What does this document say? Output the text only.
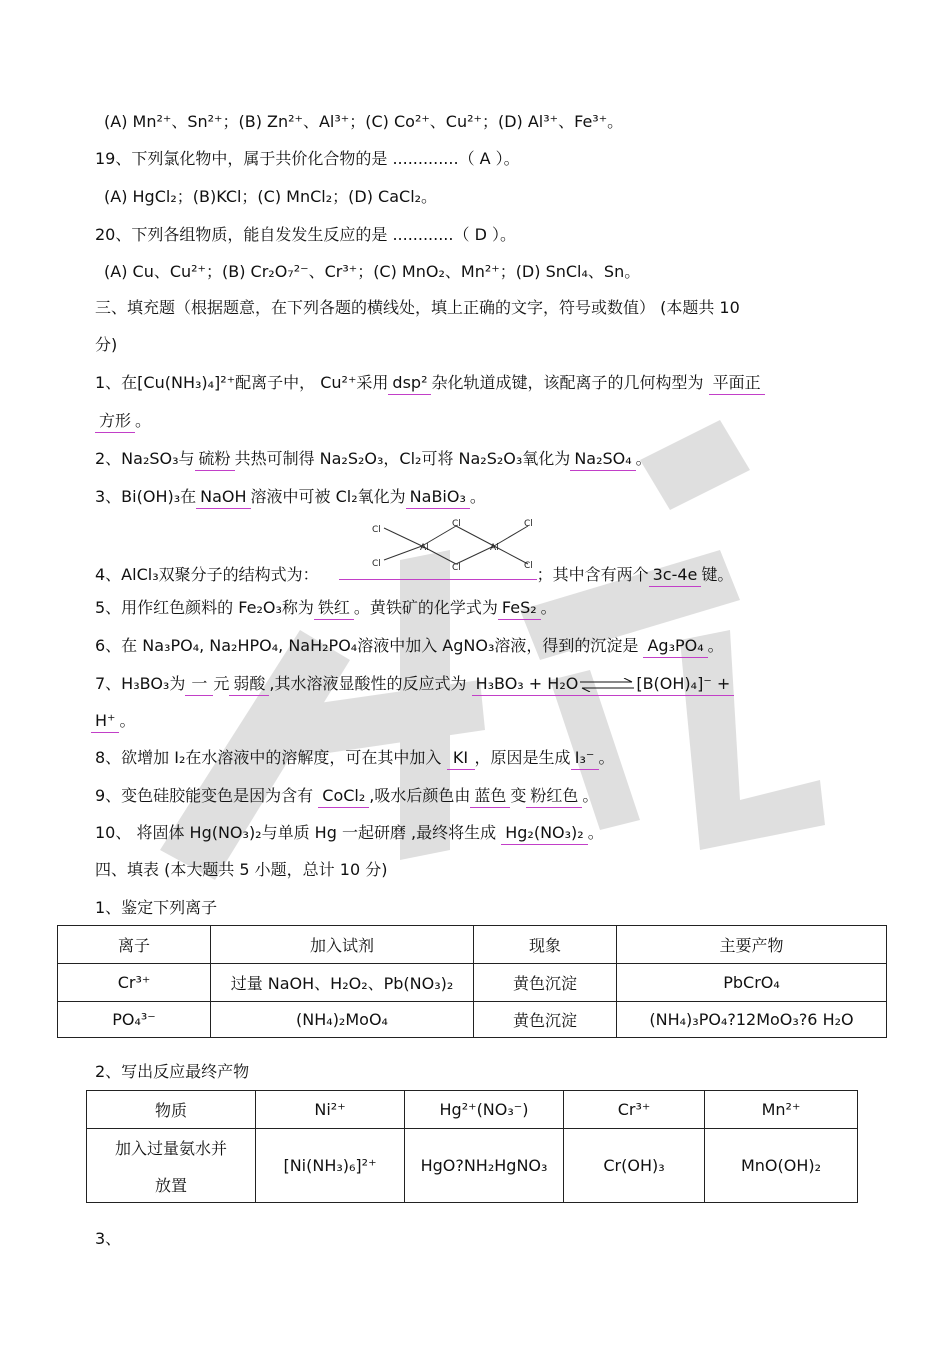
(A) Mn²⁺、Sn²⁺；(B) Zn²⁺、Al³⁺；(C) Co²⁺、Cu²⁺；(D) Al³⁺、Fe³⁺。
19、下列氯化物中，属于共价化合物的是 .............（ A ）。
(A) HgCl₂；(B)KCl；(C) MnCl₂；(D) CaCl₂。
20、下列各组物质，能自发发生反应的是 ............（ D ）。
(A) Cu、Cu²⁺；(B) Cr₂O₇²⁻、Cr³⁺；(C) MnO₂、Mn²⁺；(D) SnCl₄、Sn。
三、填充题（根据题意，在下列各题的横线处，填上正确的文字，符号或数值） (本题共 10
分)
1、在[Cu(NH₃)₄]²⁺配离子中， Cu²⁺采用 dsp² 杂化轨道成键，该配离子的几何构型为 平面正
方形 。
2、Na₂SO₃与 硫粉 共热可制得 Na₂S₂O₃，Cl₂可将 Na₂S₂O₃氧化为 Na₂SO₄ 。
3、Bi(OH)₃在 NaOH 溶液中可被 Cl₂氧化为 NaBiO₃ 。
Cl
Cl
Cl
Al	Al
Cl
Cl
Cl
4、AlCl₃双聚分子的结构式为：	；其中含有两个 3c-4e 键。
5、用作红色颜料的 Fe₂O₃称为 铁红 。黄铁矿的化学式为 FeS₂ 。
6、在 Na₃PO₄, Na₂HPO₄, NaH₂PO₄溶液中加入 AgNO₃溶液，得到的沉淀是 Ag₃PO₄ 。
7、H₃BO₃为 一 元 弱酸 ,其水溶液显酸性的反应式为 H₃BO₃ + H₂O⇌[B(OH)₄]⁻ +
H⁺ 。
8、欲增加 I₂在水溶液中的溶解度，可在其中加入 KI ，原因是生成 I₃⁻ 。
9、变色硅胶能变色是因为含有 CoCl₂ ,吸水后颜色由 蓝色 变 粉红色 。
10、 将固体 Hg(NO₃)₂与单质 Hg 一起研磨 ,最终将生成 Hg₂(NO₃)₂ 。
四、填表 (本大题共 5 小题，总计 10 分)
1、鉴定下列离子
离子	加入试剂	现象	主要产物
Cr³⁺	过量 NaOH、H₂O₂、Pb(NO₃)₂	黄色沉淀	PbCrO₄
PO₄³⁻	(NH₄)₂MoO₄	黄色沉淀	(NH₄)₃PO₄?12MoO₃?6 H₂O
2、写出反应最终产物
物质	Ni²⁺	Hg²⁺(NO₃⁻)	Cr³⁺	Mn²⁺

加入过量氨水并
放置	[Ni(NH₃)₆]²⁺	HgO?NH₂HgNO₃	Cr(OH)₃	MnO(OH)₂
3、
